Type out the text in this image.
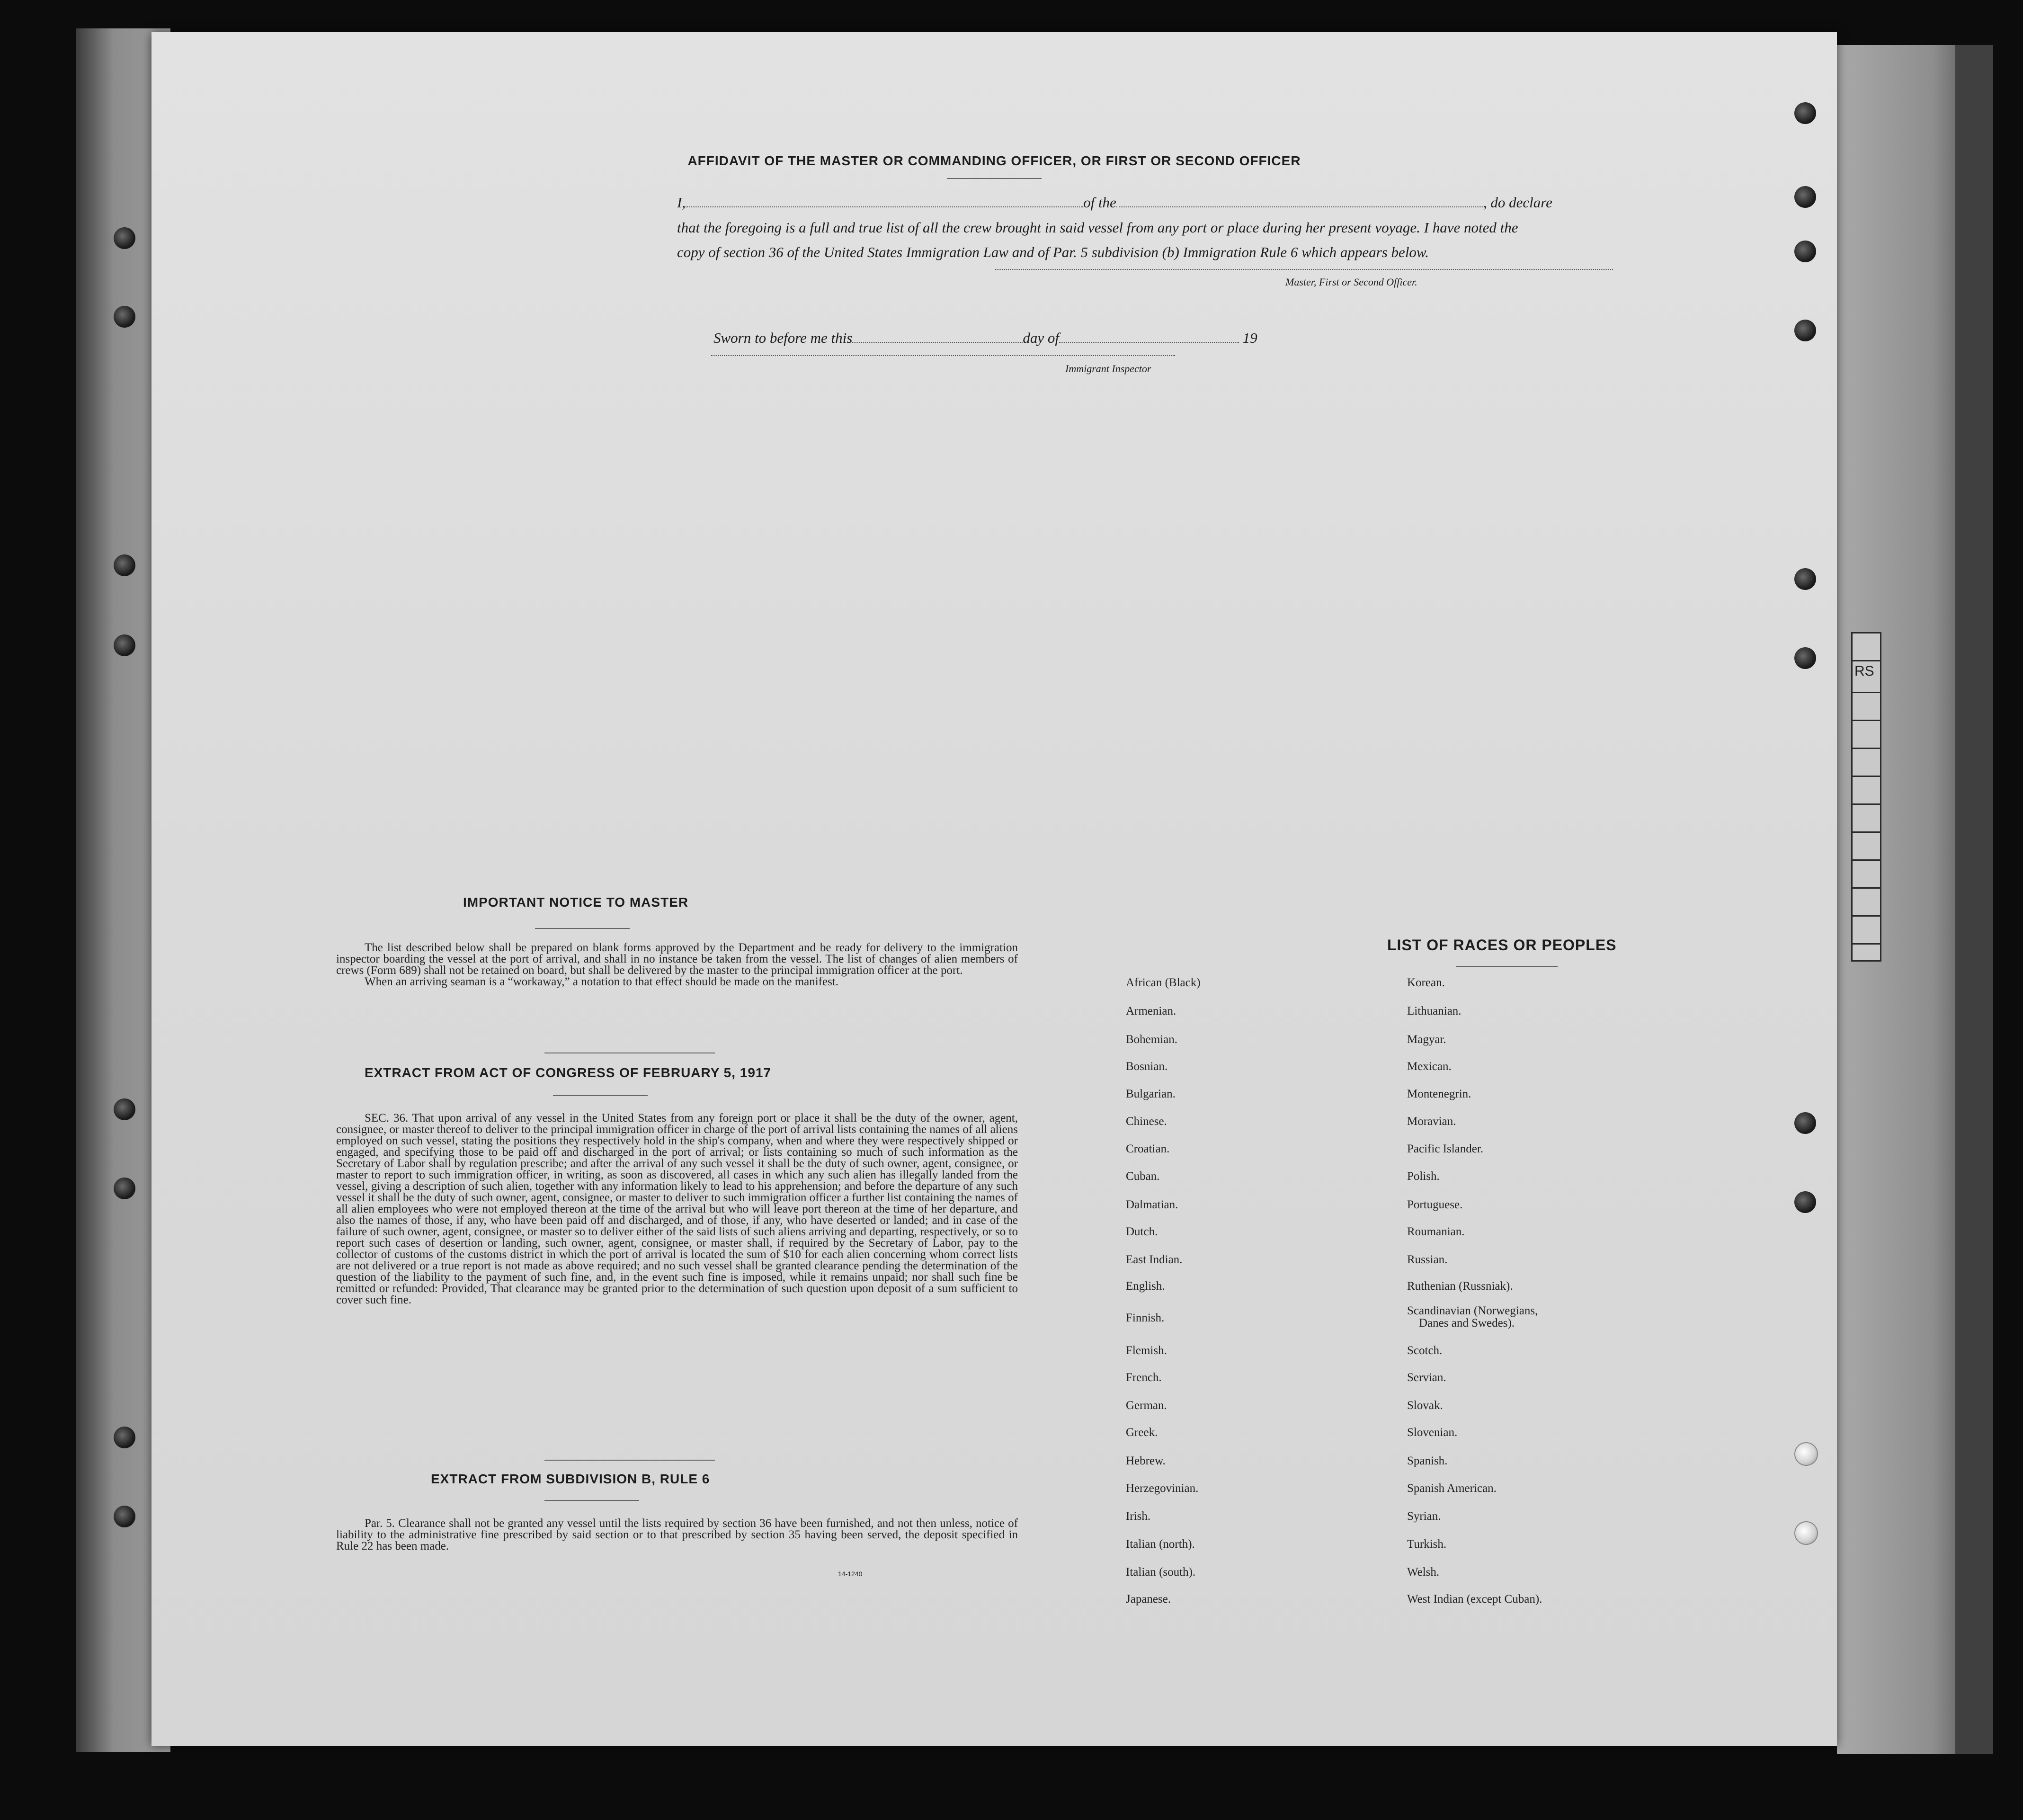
RS
AFFIDAVIT OF THE MASTER OR COMMANDING OFFICER, OR FIRST OR SECOND OFFICER
I,	of the	, do declare
that the foregoing is a full and true list of all the crew brought in said vessel from any port or place during her present voyage. I have noted the
copy of section 36 of the United States Immigration Law and of Par. 5 subdivision (b) Immigration Rule 6 which appears below.
Master, First or Second Officer.
Sworn to before me this	day of	19
Immigrant Inspector
IMPORTANT NOTICE TO MASTER

The list described below shall be prepared on blank forms approved by the Department and be ready for delivery to the immigration inspector boarding the vessel at the port of arrival, and shall in no instance be taken from the vessel. The list of changes of alien members of crews (Form 689) shall not be retained on board, but shall be delivered by the master to the principal immigration officer at the port.

When an arriving seaman is a “workaway,” a notation to that effect should be made on the manifest.

EXTRACT FROM ACT OF CONGRESS OF FEBRUARY 5, 1917

SEC. 36. That upon arrival of any vessel in the United States from any foreign port or place it shall be the duty of the owner, agent, consignee, or master thereof to deliver to the principal immigration officer in charge of the port of arrival lists containing the names of all aliens employed on such vessel, stating the positions they respectively hold in the ship's company, when and where they were respectively shipped or engaged, and specifying those to be paid off and discharged in the port of arrival; or lists containing so much of such information as the Secretary of Labor shall by regulation prescribe; and after the arrival of any such vessel it shall be the duty of such owner, agent, consignee, or master to report to such immigration officer, in writing, as soon as discovered, all cases in which any such alien has illegally landed from the vessel, giving a description of such alien, together with any information likely to lead to his apprehension; and before the departure of any such vessel it shall be the duty of such owner, agent, consignee, or master to deliver to such immigration officer a further list containing the names of all alien employees who were not employed thereon at the time of the arrival but who will leave port thereon at the time of her departure, and also the names of those, if any, who have been paid off and discharged, and of those, if any, who have deserted or landed; and in case of the failure of such owner, agent, consignee, or master so to deliver either of the said lists of such aliens arriving and departing, respectively, or so to report such cases of desertion or landing, such owner, agent, consignee, or master shall, if required by the Secretary of Labor, pay to the collector of customs of the customs district in which the port of arrival is located the sum of $10 for each alien concerning whom correct lists are not delivered or a true report is not made as above required; and no such vessel shall be granted clearance pending the determination of the question of the liability to the payment of such fine, and, in the event such fine is imposed, while it remains unpaid; nor shall such fine be remitted or refunded: Provided, That clearance may be granted prior to the determination of such question upon deposit of a sum sufficient to cover such fine.

EXTRACT FROM SUBDIVISION B, RULE 6

Par. 5. Clearance shall not be granted any vessel until the lists required by section 36 have been furnished, and not then unless, notice of liability to the administrative fine prescribed by said section or to that prescribed by section 35 having been served, the deposit specified in Rule 22 has been made.

14-1240
LIST OF RACES OR PEOPLES
African (Black)
Armenian.
Bohemian.
Bosnian.
Bulgarian.
Chinese.
Croatian.
Cuban.
Dalmatian.
Dutch.
East Indian.
English.
Finnish.
Flemish.
French.
German.
Greek.
Hebrew.
Herzegovinian.
Irish.
Italian (north).
Italian (south).
Japanese.
Korean.
Lithuanian.
Magyar.
Mexican.
Montenegrin.
Moravian.
Pacific Islander.
Polish.
Portuguese.
Roumanian.
Russian.
Ruthenian (Russniak).
Scandinavian (Norwegians,
Danes and Swedes).
Scotch.
Servian.
Slovak.
Slovenian.
Spanish.
Spanish American.
Syrian.
Turkish.
Welsh.
West Indian (except Cuban).
